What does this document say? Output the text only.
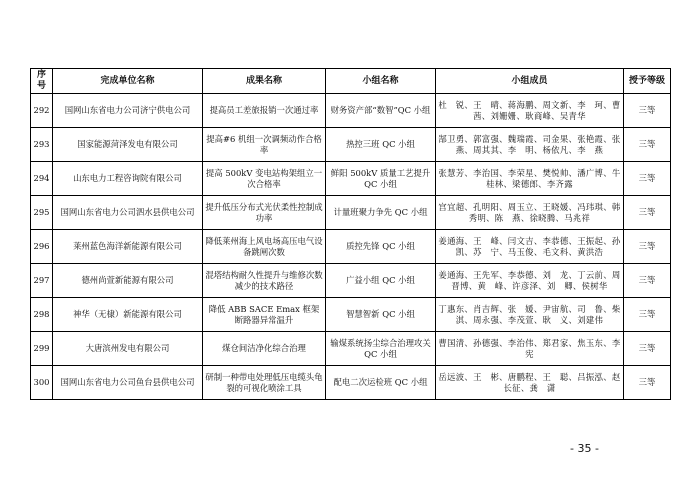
序号	完成单位名称	成果名称	小组名称	小组成员	授予等级
292	国网山东省电力公司济宁供电公司	提高员工差旅报销一次通过率	财务资产部“数智”QC 小组	杜　锐、王　晴、蒋海鹏、周文新、李　珂、曹　茜、刘姗姗、耿商峰、吴青华	三等
293	国家能源菏泽发电有限公司	提高#6 机组一次调频动作合格率	热控三班 QC 小组	郜卫勇、郭富强、魏瑞霞、司金果、张艳霞、张　燕、周其其、李　明、杨依凡、李　燕	三等
294	山东电力工程咨询院有限公司	提高 500kV 变电站构架组立一次合格率	鲜阳 500kV 质量工艺提升 QC 小组	张慧芳、李治国、李荣星、樊悦帅、潘广博、牛桂林、梁德郎、李齐露	三等
295	国网山东省电力公司泗水县供电公司	提升低压分布式光伏柔性控制成功率	计量班聚力争先 QC 小组	宫宜超、孔明阳、周玉立、王晓媛、冯玮琪、韩秀明、陈　燕、徐晓腾、马兆祥	三等
296	莱州蓝色海洋新能源有限公司	降低莱州海上风电场高压电气设备跳闸次数	质控先锋 QC 小组	姜通海、王　峰、闫文吉、李恭德、王振起、孙　凯、苏　宁、马玉俊、毛文科、黄洪浩	三等
297	德州尚萱新能源有限公司	混塔结构耐久性提升与维修次数减少的技术路径	广益小组 QC 小组	姜通海、王先军、李恭德、刘　龙、丁云前、周晋博、黄　峰、许彦泽、刘　卿、侯树华	三等
298	神华（无棣）新能源有限公司	降低 ABB SACE Emax 框架断路器异常温升	智慧智新 QC 小组	丁惠东、肖吉辉、张　媛、尹宙航、司　鲁、柴　淇、周永强、李茂萱、耿　义、刘建伟	三等
299	大唐滨州发电有限公司	煤仓间洁净化综合治理	输煤系统扬尘综合治理攻关 QC 小组	曹国清、孙德强、李治伟、郑君家、焦玉东、李　宪	三等
300	国网山东省电力公司鱼台县供电公司	研制一种带电处理低压电缆头龟裂的可视化喷涂工具	配电二次运检班 QC 小组	岳远波、王　彬、唐鹏程、王　聪、吕振泓、赵长征、龚　潇	三等
- 35 -
